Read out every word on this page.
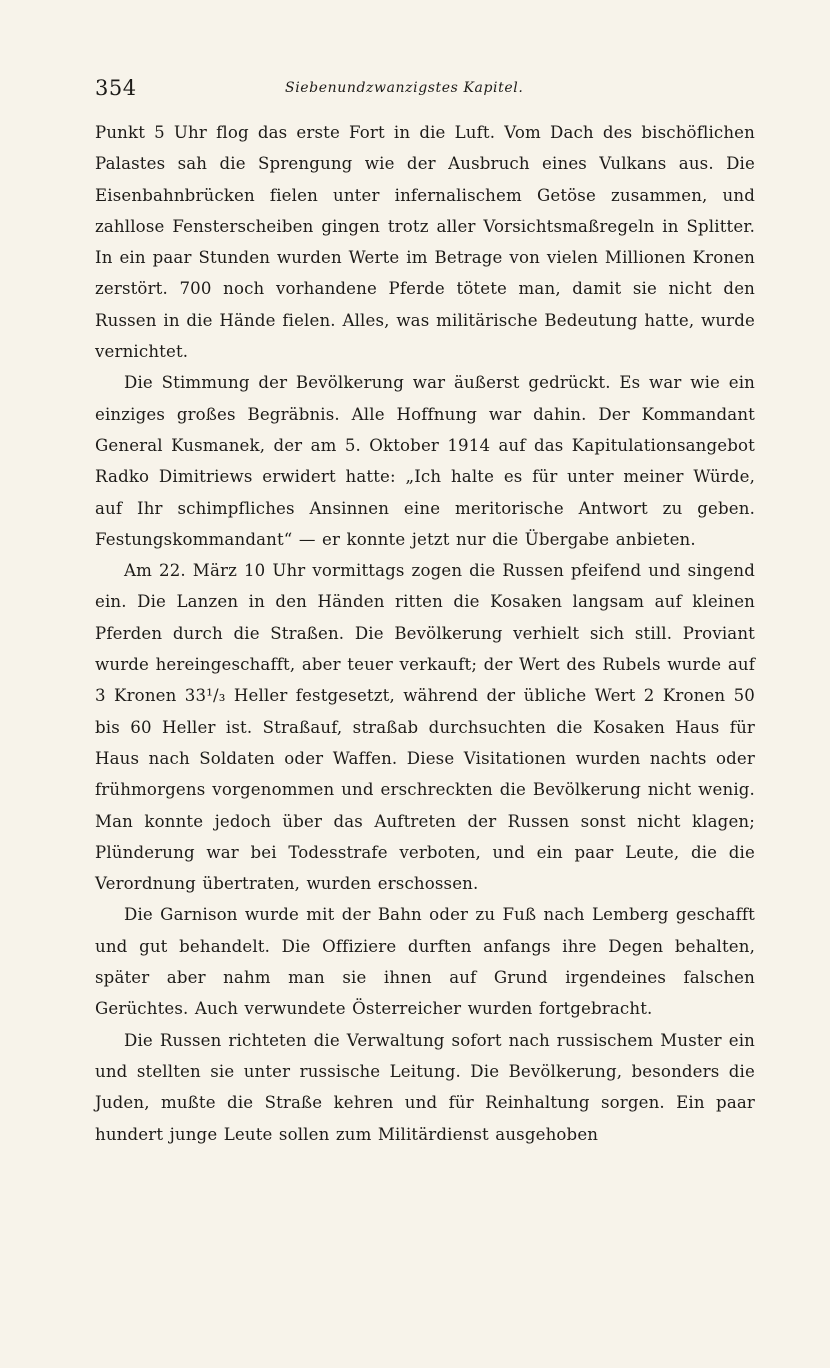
354	Siebenundzwanzigstes Kapitel.

Punkt 5 Uhr flog das erste Fort in die Luft. Vom Dach des bischöflichen Palastes sah die Sprengung wie der Ausbruch eines Vulkans aus. Die Eisenbahnbrücken fielen unter infernalischem Getöse zusammen, und zahllose Fensterscheiben gingen trotz aller Vorsichtsmaßregeln in Splitter. In ein paar Stunden wurden Werte im Betrage von vielen Millionen Kronen zerstört. 700 noch vorhandene Pferde tötete man, damit sie nicht den Russen in die Hände fielen. Alles, was militärische Bedeutung hatte, wurde vernichtet.

Die Stimmung der Bevölkerung war äußerst gedrückt. Es war wie ein einziges großes Begräbnis. Alle Hoffnung war dahin. Der Kommandant General Kusmanek, der am 5. Oktober 1914 auf das Kapitulationsangebot Radko Dimitriews erwidert hatte: „Ich halte es für unter meiner Würde, auf Ihr schimpfliches Ansinnen eine meritorische Antwort zu geben. Festungskommandant“ — er konnte jetzt nur die Übergabe anbieten.

Am 22. März 10 Uhr vormittags zogen die Russen pfeifend und singend ein. Die Lanzen in den Händen ritten die Kosaken langsam auf kleinen Pferden durch die Straßen. Die Bevölkerung verhielt sich still. Proviant wurde hereingeschafft, aber teuer verkauft; der Wert des Rubels wurde auf 3 Kronen 33¹/₃ Heller festgesetzt, während der übliche Wert 2 Kronen 50 bis 60 Heller ist. Straßauf, straßab durchsuchten die Kosaken Haus für Haus nach Soldaten oder Waffen. Diese Visitationen wurden nachts oder frühmorgens vorgenommen und erschreckten die Bevölkerung nicht wenig. Man konnte jedoch über das Auftreten der Russen sonst nicht klagen; Plünderung war bei Todesstrafe verboten, und ein paar Leute, die die Verordnung übertraten, wurden erschossen.

Die Garnison wurde mit der Bahn oder zu Fuß nach Lemberg geschafft und gut behandelt. Die Offiziere durften anfangs ihre Degen behalten, später aber nahm man sie ihnen auf Grund irgendeines falschen Gerüchtes. Auch verwundete Österreicher wurden fortgebracht.

Die Russen richteten die Verwaltung sofort nach russischem Muster ein und stellten sie unter russische Leitung. Die Bevölkerung, besonders die Juden, mußte die Straße kehren und für Reinhaltung sorgen. Ein paar hundert junge Leute sollen zum Militärdienst ausgehoben
